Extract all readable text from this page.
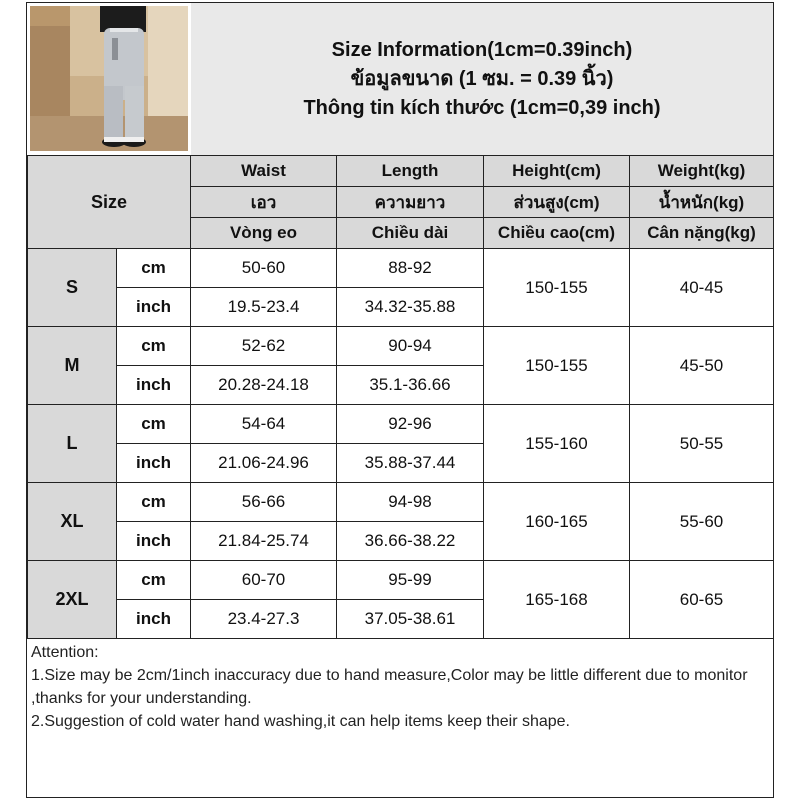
Size Information(1cm=0.39inch)
ข้อมูลขนาด (1 ซม. = 0.39 นิ้ว)
Thông tin kích thước (1cm=0,39 inch)
Size		Waist	Length	Height(cm)	Weight(kg)
		เอว	ความยาว	ส่วนสูง(cm)	น้ำหนัก(kg)
		Vòng eo	Chiều dài	Chiều cao(cm)	Cân nặng(kg)
S	cm	50-60	88-92	150-155	40-45
	inch	19.5-23.4	34.32-35.88		
M	cm	52-62	90-94	150-155	45-50
	inch	20.28-24.18	35.1-36.66		
L	cm	54-64	92-96	155-160	50-55
	inch	21.06-24.96	35.88-37.44		
XL	cm	56-66	94-98	160-165	55-60
	inch	21.84-25.74	36.66-38.22		
2XL	cm	60-70	95-99	165-168	60-65
	inch	23.4-27.3	37.05-38.61		
Attention:
1.Size may be 2cm/1inch inaccuracy due to hand measure,Color may be little different due to monitor ,thanks for your understanding.
2.Suggestion of cold water hand washing,it can help items keep their shape.
